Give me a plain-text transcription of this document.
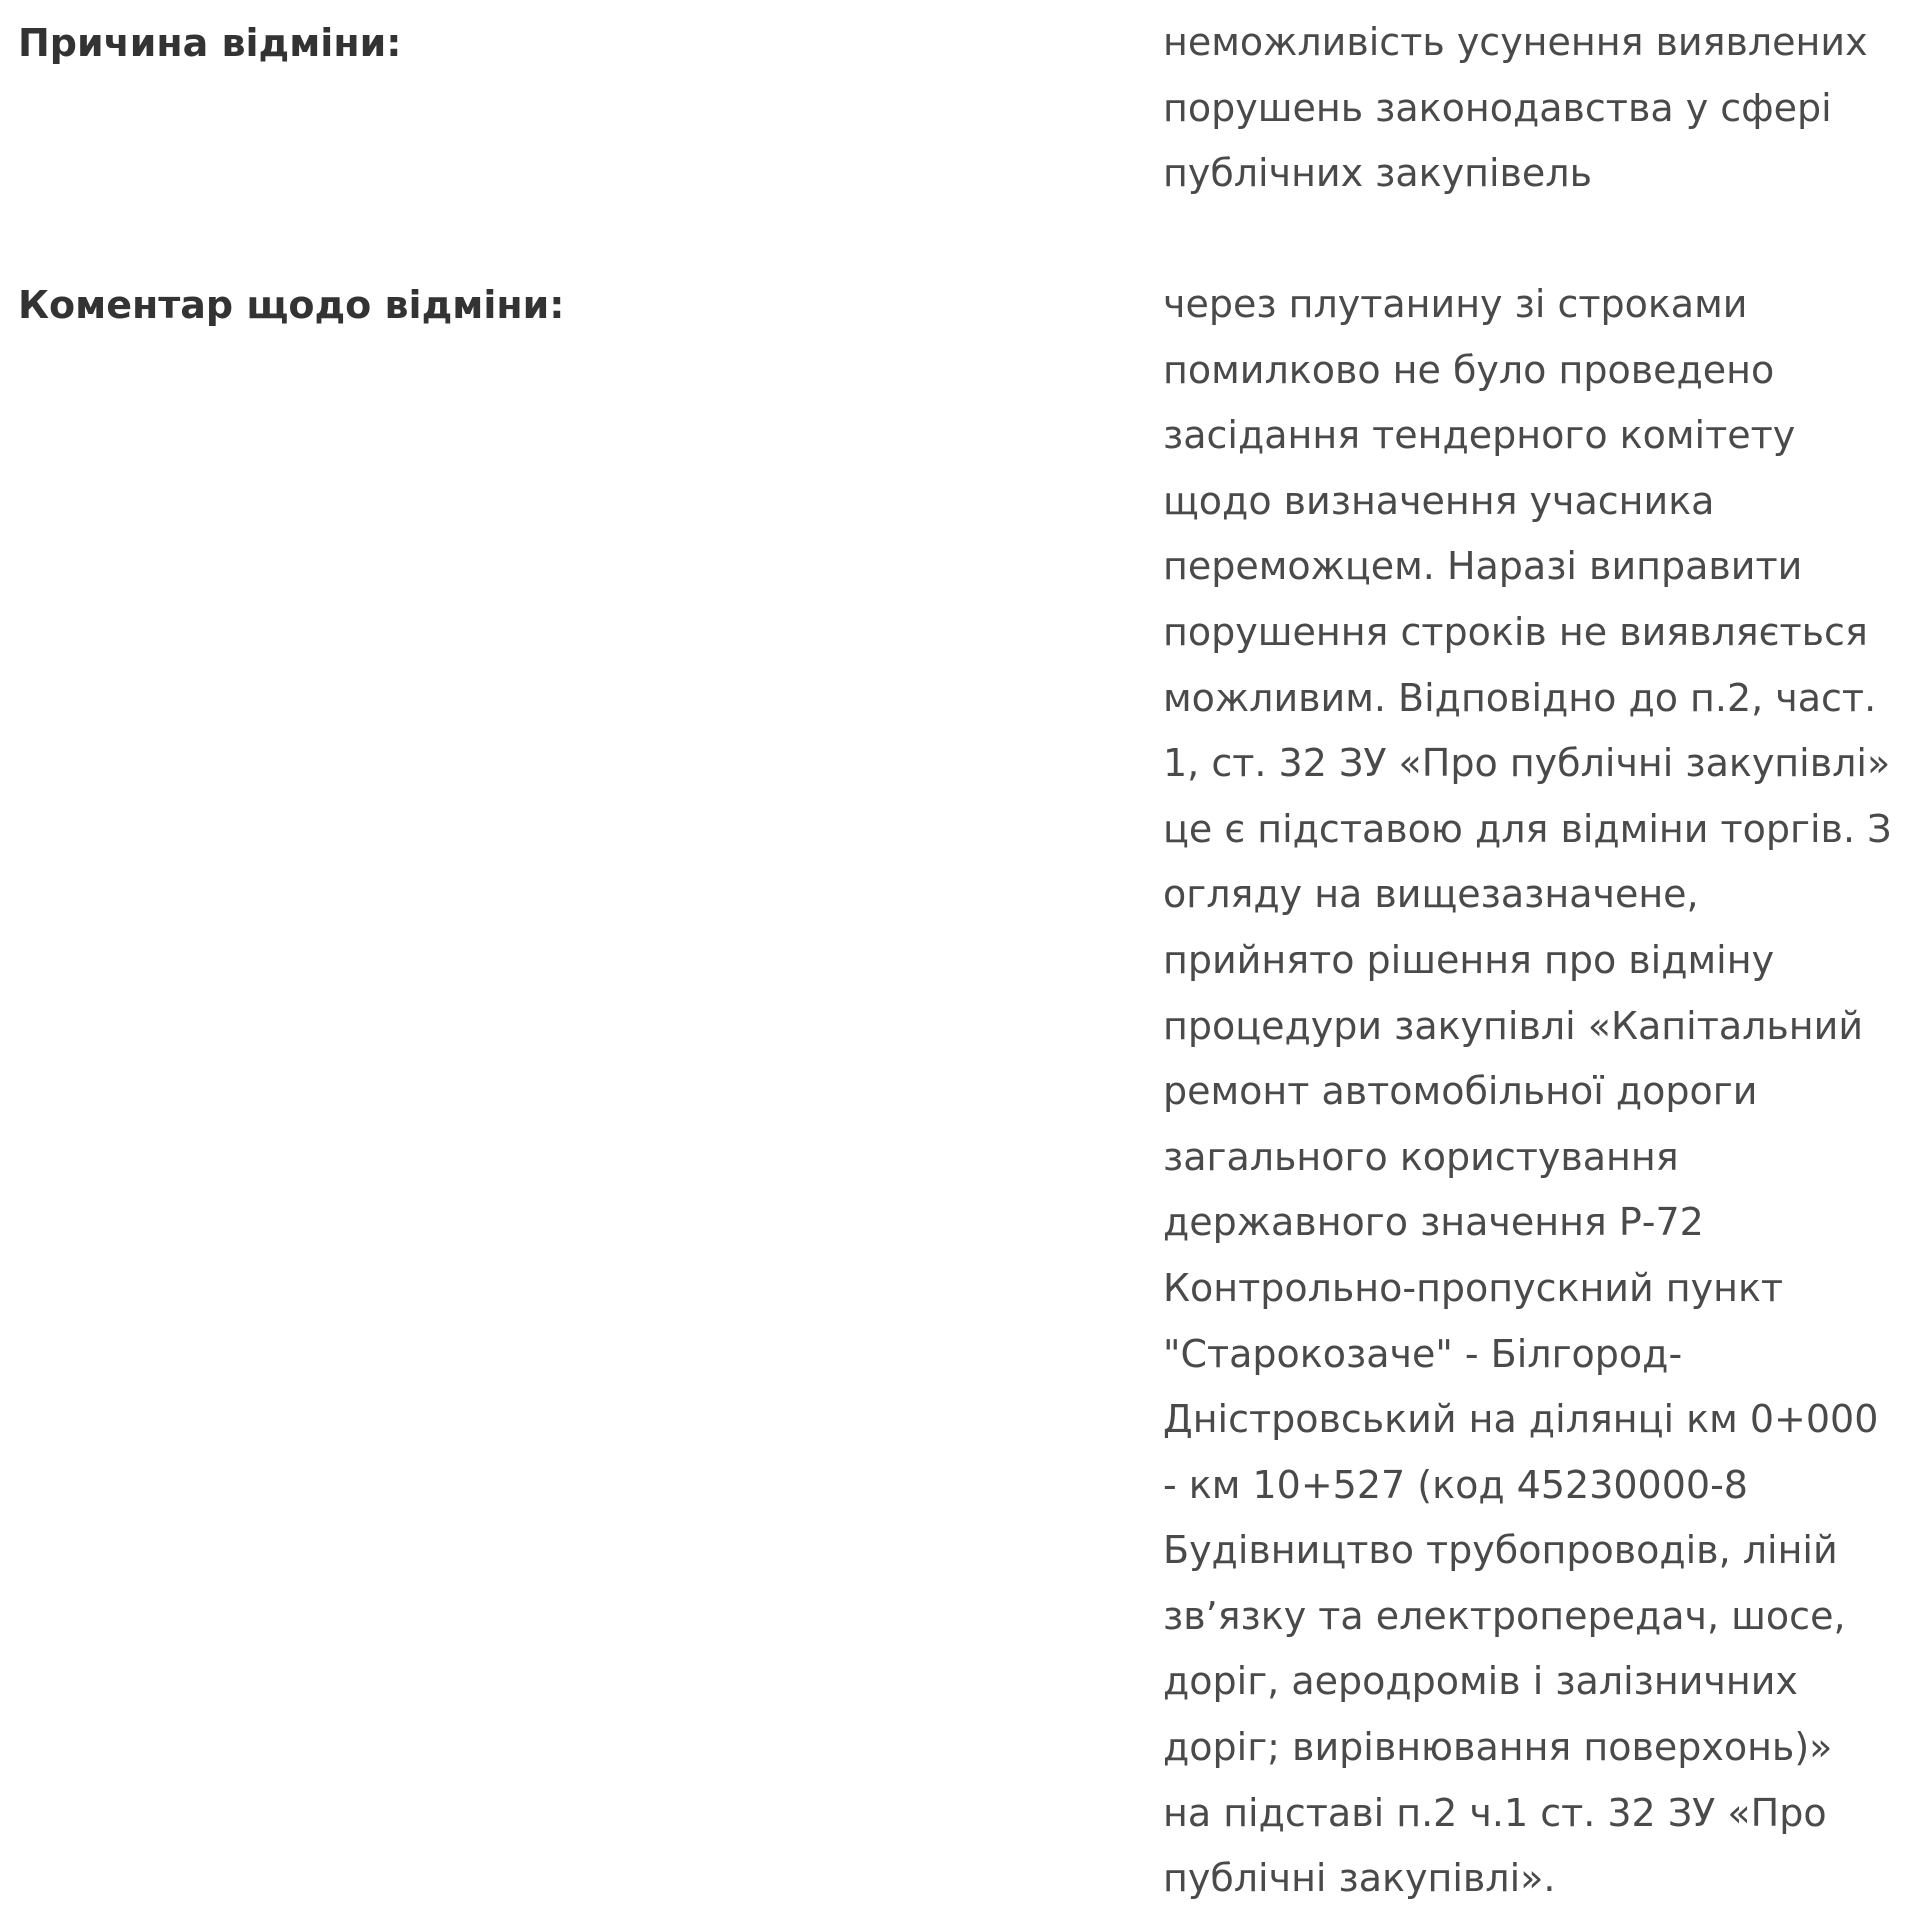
Причина відміни:	неможливість усунення виявлених
порушень законодавства у сфері
публічних закупівель
Коментар щодо відміни:	через плутанину зі строками
помилково не було проведено
засідання тендерного комітету
щодо визначення учасника
переможцем. Наразі виправити
порушення строків не виявляється
можливим. Відповідно до п.2, част.
1, ст. 32 ЗУ «Про публічні закупівлі»
це є підставою для відміни торгів. З
огляду на вищезазначене,
прийнято рішення про відміну
процедури закупівлі «Капітальний
ремонт автомобільної дороги
загального користування
державного значення Р-72
Контрольно-пропускний пункт
"Старокозаче" - Білгород-
Дністровський на ділянці км 0+000
- км 10+527 (код 45230000-8
Будівництво трубопроводів, ліній
зв’язку та електропередач, шосе,
доріг, аеродромів і залізничних
доріг; вирівнювання поверхонь)»
на підставі п.2 ч.1 ст. 32 ЗУ «Про
публічні закупівлі».
